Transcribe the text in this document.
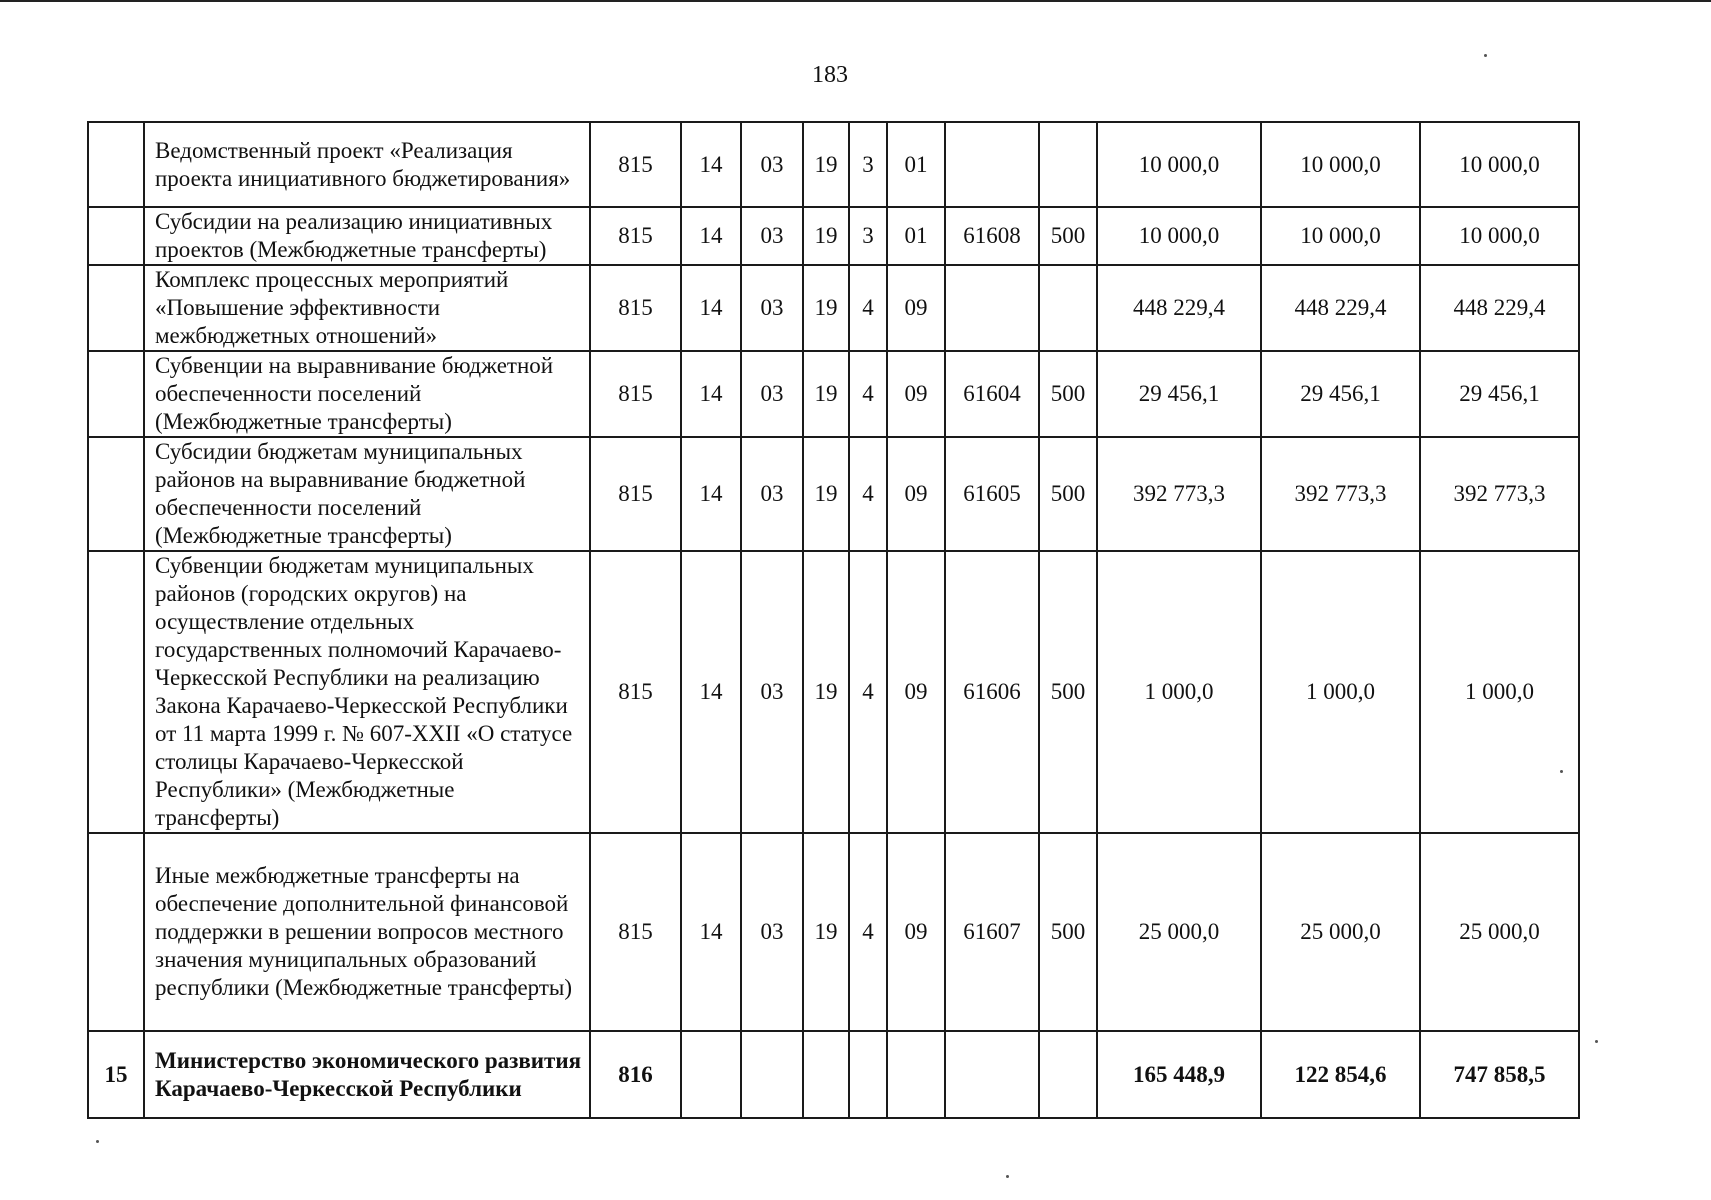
183
	Ведомственный проект «Реализация проекта инициативного бюджетирования»	815	14	03	19	3	01			10 000,0	10 000,0	10 000,0
	Субсидии на реализацию инициативных проектов (Межбюджетные трансферты)	815	14	03	19	3	01	61608	500	10 000,0	10 000,0	10 000,0
	Комплекс процессных мероприятий «Повышение эффективности межбюджетных отношений»	815	14	03	19	4	09			448 229,4	448 229,4	448 229,4
	Субвенции на выравнивание бюджетной обеспеченности поселений (Межбюджетные трансферты)	815	14	03	19	4	09	61604	500	29 456,1	29 456,1	29 456,1
	Субсидии бюджетам муниципальных районов на выравнивание бюджетной обеспеченности поселений (Межбюджетные трансферты)	815	14	03	19	4	09	61605	500	392 773,3	392 773,3	392 773,3
	Субвенции бюджетам муниципальных районов (городских округов) на осуществление отдельных государственных полномочий Карачаево-Черкесской Республики на реализацию Закона Карачаево-Черкесской Республики от 11 марта 1999 г. № 607-XXII «О статусе столицы Карачаево-Черкесской Республики» (Межбюджетные трансферты)	815	14	03	19	4	09	61606	500	1 000,0	1 000,0	1 000,0
	Иные межбюджетные трансферты на обеспечение дополнительной финансовой поддержки в решении вопросов местного значения муниципальных образований республики (Межбюджетные трансферты)	815	14	03	19	4	09	61607	500	25 000,0	25 000,0	25 000,0
15	Министерство экономического развития Карачаево-Черкесской Республики	816								165 448,9	122 854,6	747 858,5
